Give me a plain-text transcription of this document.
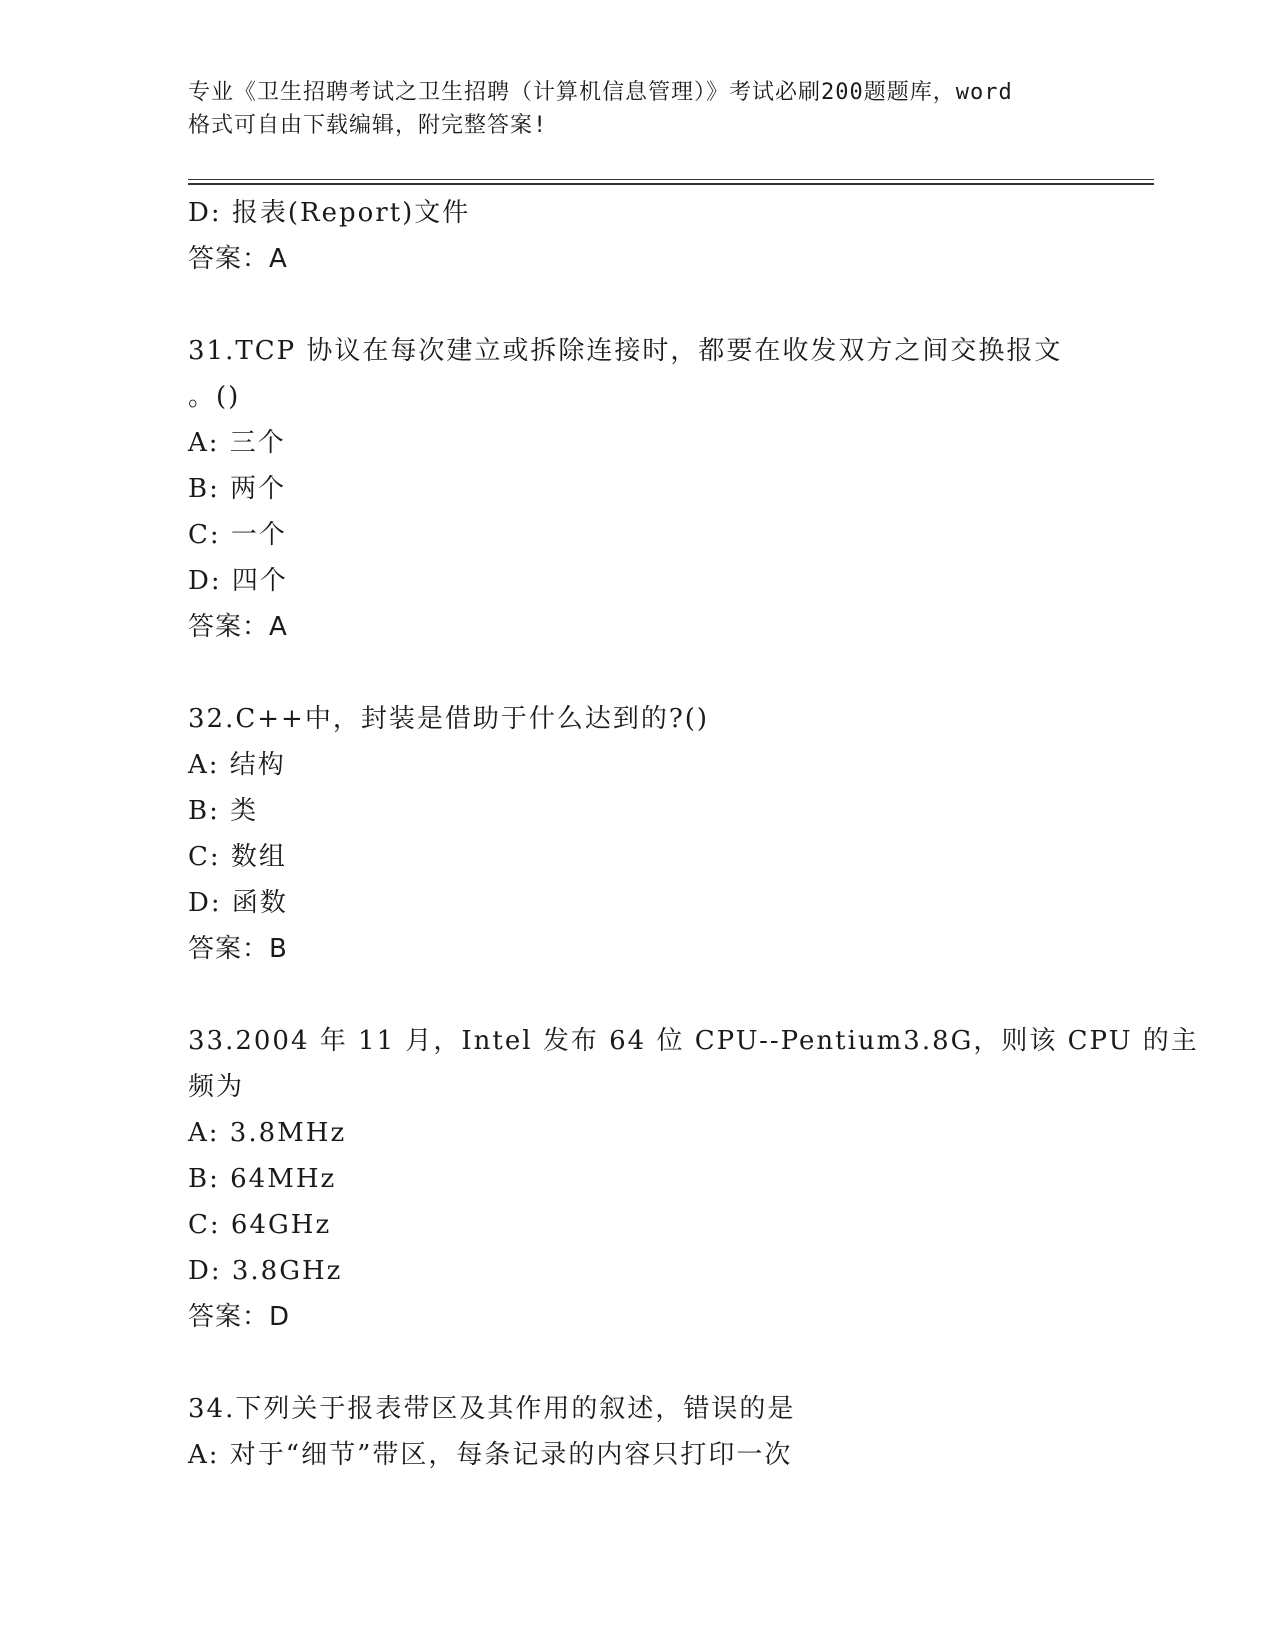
专业《卫生招聘考试之卫生招聘（计算机信息管理）》考试必刷200题题库，word
格式可自由下载编辑，附完整答案!
D: 报表(Report)文件
答案：A
31.TCP 协议在每次建立或拆除连接时，都要在收发双方之间交换报文
。()
A: 三个
B: 两个
C: 一个
D: 四个
答案：A
32.C++中，封装是借助于什么达到的?()
A: 结构
B: 类
C: 数组
D: 函数
答案：B
33.2004 年 11 月，Intel 发布 64 位 CPU--Pentium3.8G，则该 CPU 的主
频为
A: 3.8MHz
B: 64MHz
C: 64GHz
D: 3.8GHz
答案：D
34.下列关于报表带区及其作用的叙述，错误的是
A: 对于“细节”带区，每条记录的内容只打印一次
